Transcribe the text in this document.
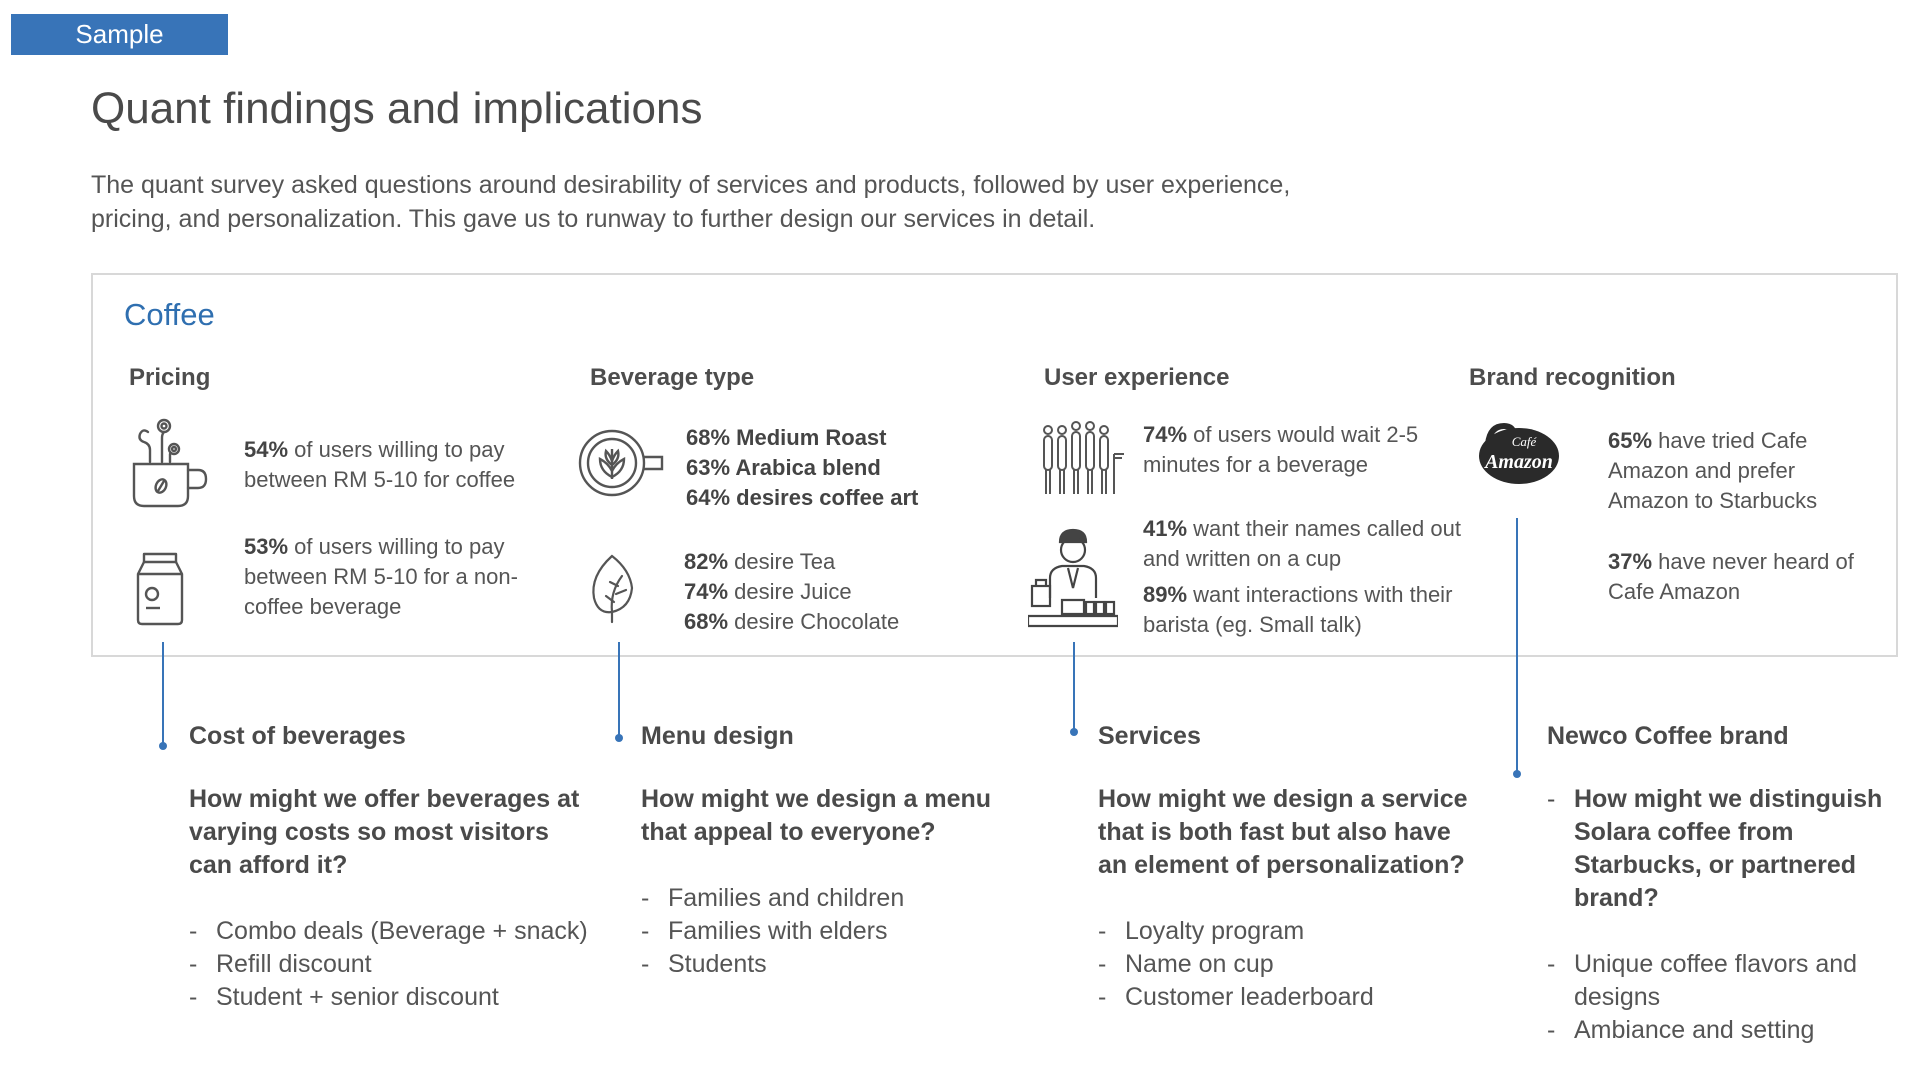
Sample
Quant findings and implications
The quant survey asked questions around desirability of services and products, followed by user experience, pricing, and personalization. This gave us to runway to further design our services in detail.
Coffee
Pricing	Beverage type	User experience	Brand recognition
54% of users willing to pay between RM 5-10 for coffee
53% of users willing to pay between RM 5-10 for a non-coffee beverage
68% Medium Roast
63% Arabica blend
64% desires coffee art
82% desire Tea
74% desire Juice
68% desire Chocolate
74% of users would wait 2-5 minutes for a beverage
41% want their names called out and written on a cup
89% want interactions with their barista (eg. Small talk)
Café
Amazon
65% have tried Cafe Amazon and prefer Amazon to Starbucks
37% have never heard of Cafe Amazon
Cost of beverages
How might we offer beverages at varying costs so most visitors can afford it?
- Combo deals (Beverage + snack)
- Refill discount
- Student + senior discount
Menu design
How might we design a menu that appeal to everyone?
- Families and children
- Families with elders
- Students
Services
How might we design a service that is both fast but also have an element of personalization?
- Loyalty program
- Name on cup
- Customer leaderboard
Newco Coffee brand
- How might we distinguish Solara coffee from Starbucks, or partnered brand?
- Unique coffee flavors and designs
- Ambiance and setting
